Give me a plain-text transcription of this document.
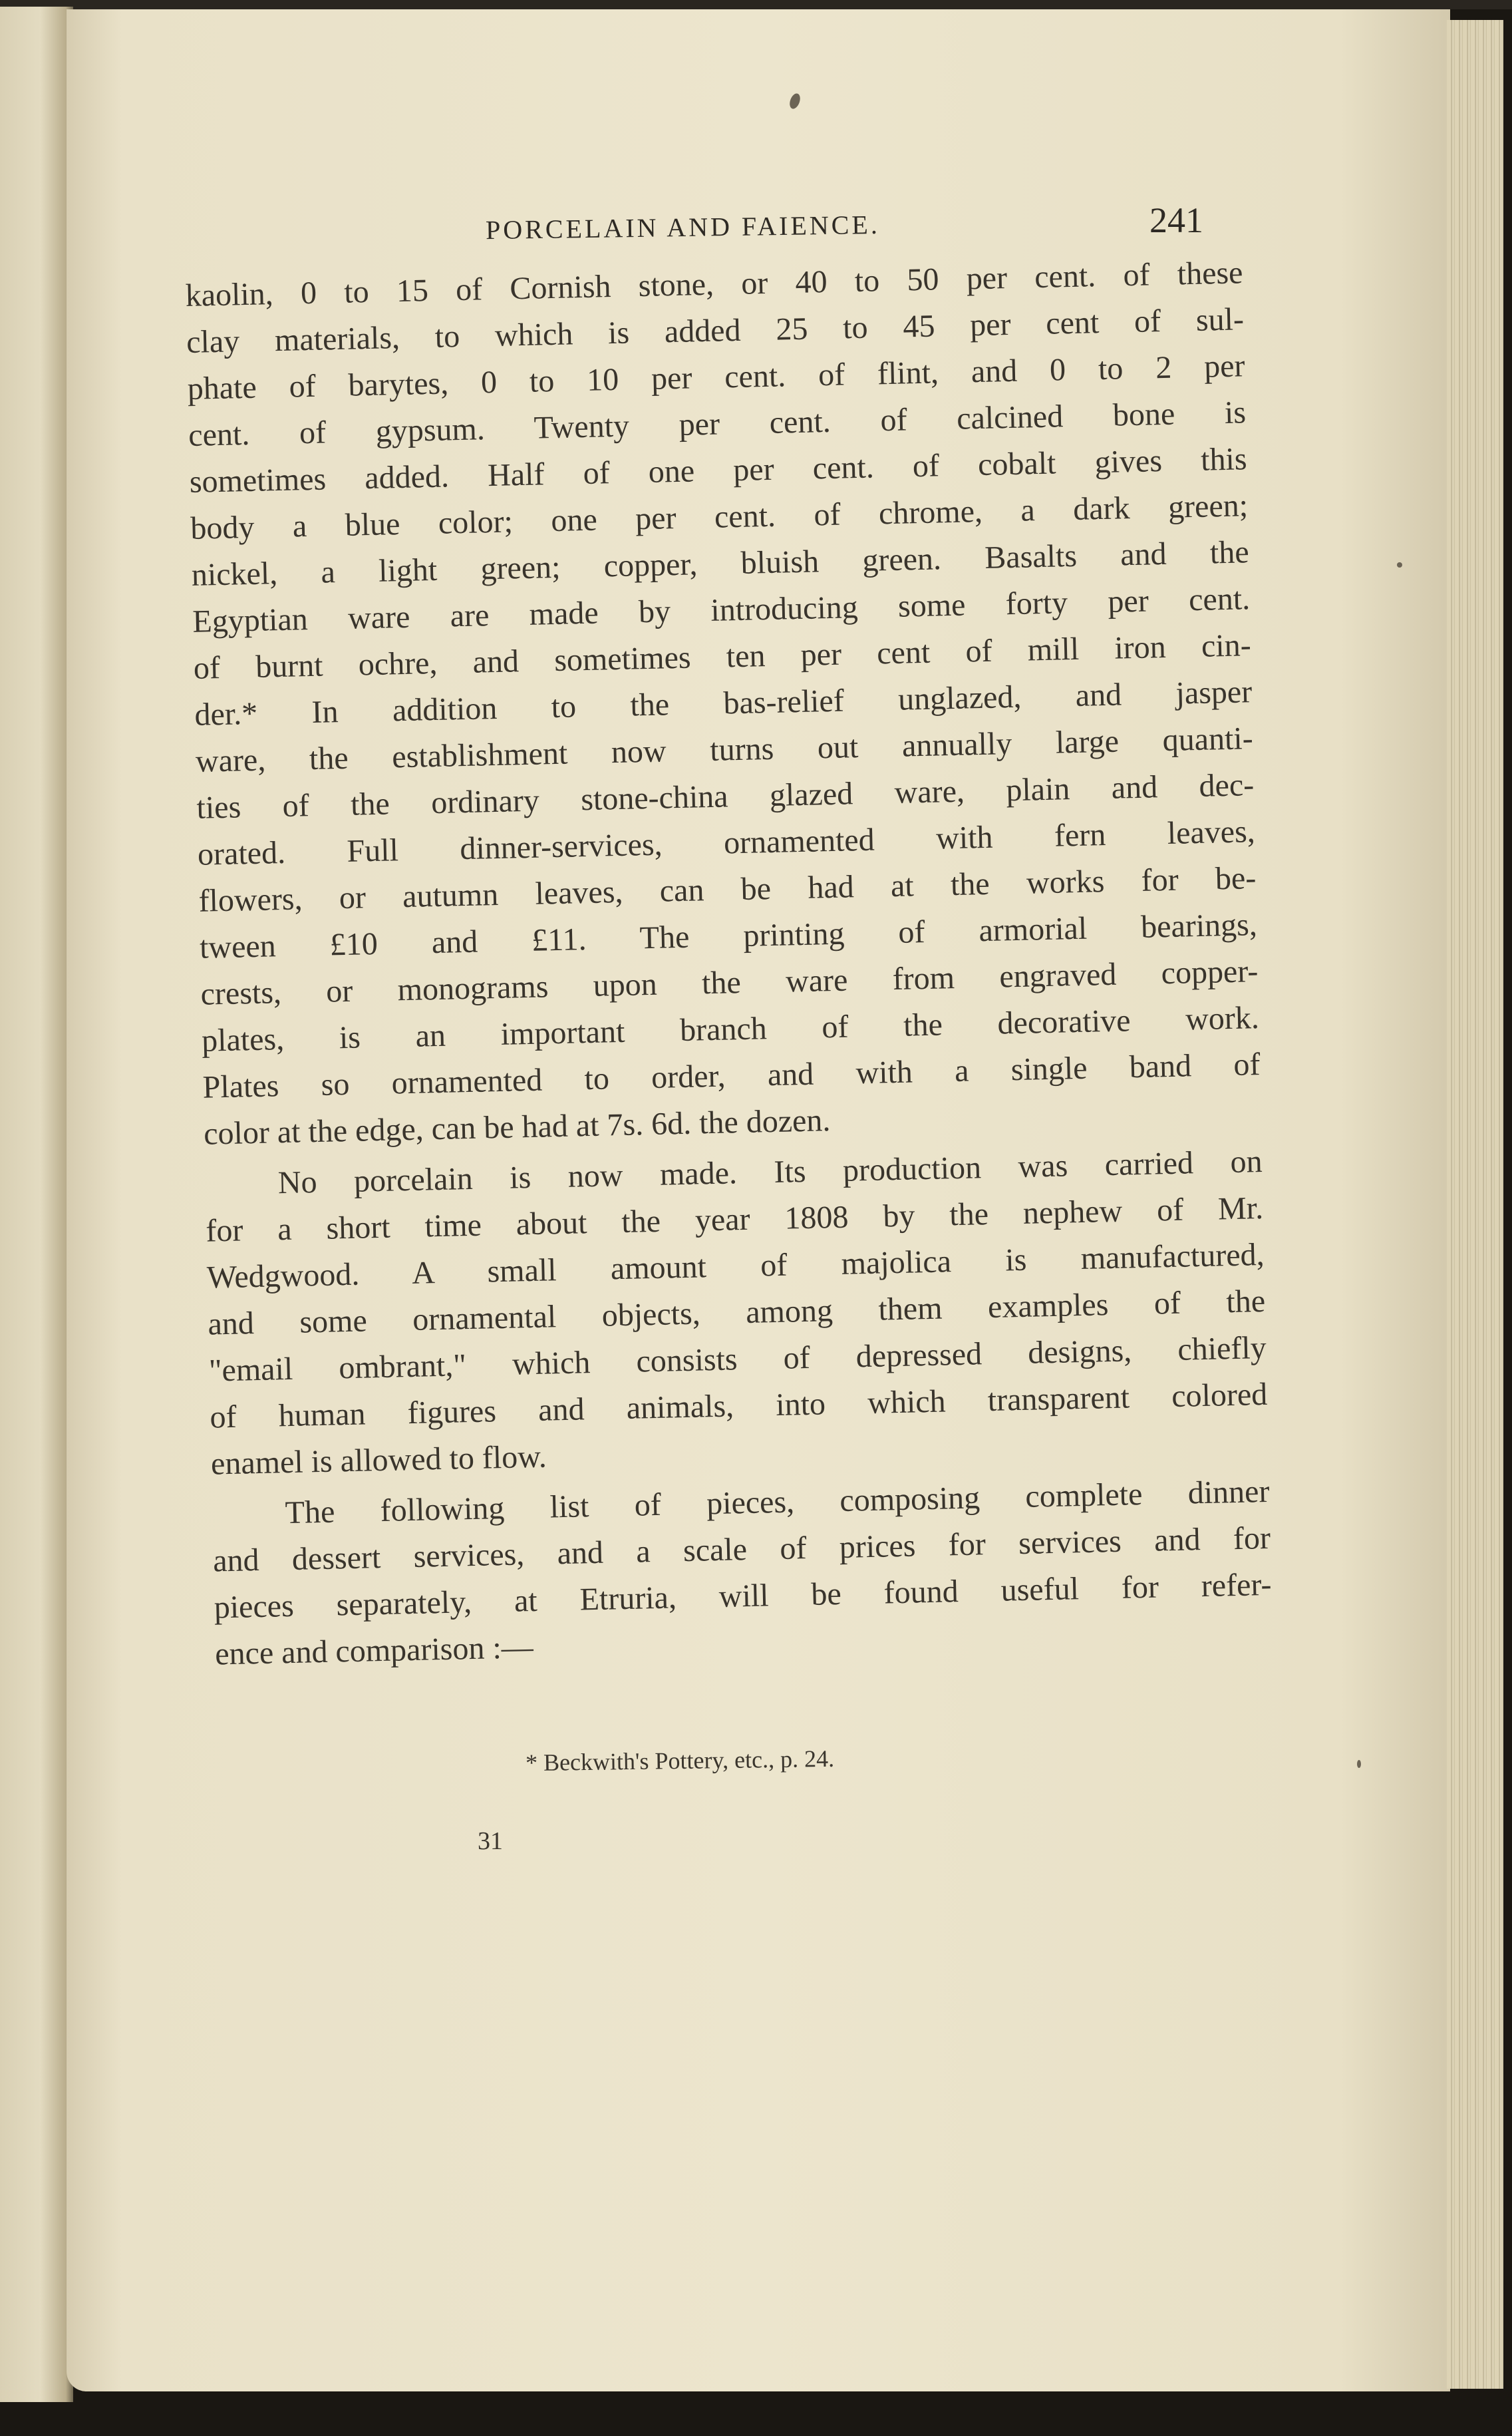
PORCELAIN AND FAIENCE.	241
kaolin, 0 to 15 of Cornish stone, or 40 to 50 per cent. of these
clay materials, to which is added 25 to 45 per cent of sul-
phate of barytes, 0 to 10 per cent. of flint, and 0 to 2 per
cent. of gypsum. Twenty per cent. of calcined bone is
sometimes added. Half of one per cent. of cobalt gives this
body a blue color; one per cent. of chrome, a dark green;
nickel, a light green; copper, bluish green. Basalts and the
Egyptian ware are made by introducing some forty per cent.
of burnt ochre, and sometimes ten per cent of mill iron cin-
der.* In addition to the bas-relief unglazed, and jasper
ware, the establishment now turns out annually large quanti-
ties of the ordinary stone-china glazed ware, plain and dec-
orated. Full dinner-services, ornamented with fern leaves,
flowers, or autumn leaves, can be had at the works for be-
tween £10 and £11. The printing of armorial bearings,
crests, or monograms upon the ware from engraved copper-
plates, is an important branch of the decorative work.
Plates so ornamented to order, and with a single band of
color at the edge, can be had at 7s. 6d. the dozen.
No porcelain is now made. Its production was carried on
for a short time about the year 1808 by the nephew of Mr.
Wedgwood. A small amount of majolica is manufactured,
and some ornamental objects, among them examples of the
"email ombrant," which consists of depressed designs, chiefly
of human figures and animals, into which transparent colored
enamel is allowed to flow.
The following list of pieces, composing complete dinner
and dessert services, and a scale of prices for services and for
pieces separately, at Etruria, will be found useful for refer-
ence and comparison :—
* Beckwith's Pottery, etc., p. 24.
31
